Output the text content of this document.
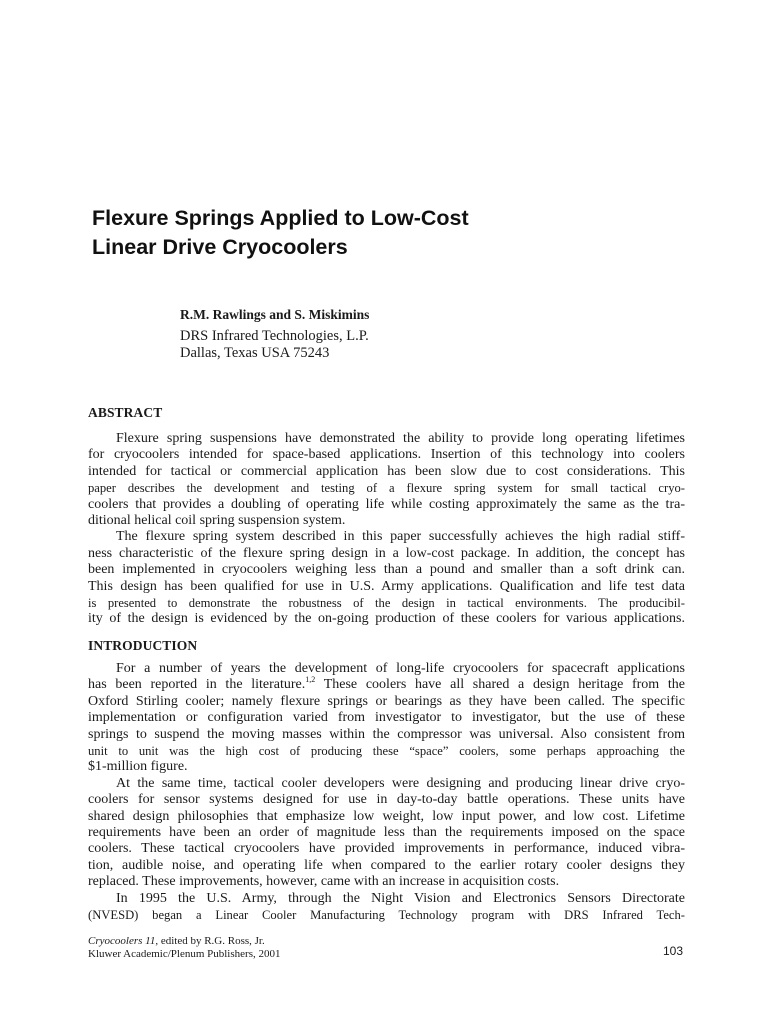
Flexure Springs Applied to Low-Cost
Linear Drive Cryocoolers
R.M. Rawlings and S. Miskimins
DRS Infrared Technologies, L.P.
Dallas, Texas USA 75243
ABSTRACT
Flexure spring suspensions have demonstrated the ability to provide long operating lifetimes
for cryocoolers intended for space-based applications. Insertion of this technology into coolers
intended for tactical or commercial application has been slow due to cost considerations. This
paper describes the development and testing of a flexure spring system for small tactical cryo-
coolers that provides a doubling of operating life while costing approximately the same as the tra-
ditional helical coil spring suspension system.
The flexure spring system described in this paper successfully achieves the high radial stiff-
ness characteristic of the flexure spring design in a low-cost package. In addition, the concept has
been implemented in cryocoolers weighing less than a pound and smaller than a soft drink can.
This design has been qualified for use in U.S. Army applications. Qualification and life test data
is presented to demonstrate the robustness of the design in tactical environments. The producibil-
ity of the design is evidenced by the on-going production of these coolers for various applications.
INTRODUCTION
For a number of years the development of long-life cryocoolers for spacecraft applications
has been reported in the literature.$^{1,2}$ These coolers have all shared a design heritage from the
Oxford Stirling cooler; namely flexure springs or bearings as they have been called. The specific
implementation or configuration varied from investigator to investigator, but the use of these
springs to suspend the moving masses within the compressor was universal. Also consistent from
unit to unit was the high cost of producing these “space” coolers, some perhaps approaching the
$1-million figure.
At the same time, tactical cooler developers were designing and producing linear drive cryo-
coolers for sensor systems designed for use in day-to-day battle operations. These units have
shared design philosophies that emphasize low weight, low input power, and low cost. Lifetime
requirements have been an order of magnitude less than the requirements imposed on the space
coolers. These tactical cryocoolers have provided improvements in performance, induced vibra-
tion, audible noise, and operating life when compared to the earlier rotary cooler designs they
replaced. These improvements, however, came with an increase in acquisition costs.
In 1995 the U.S. Army, through the Night Vision and Electronics Sensors Directorate
(NVESD) began a Linear Cooler Manufacturing Technology program with DRS Infrared Tech-
Cryocoolers 11, edited by R.G. Ross, Jr.
Kluwer Academic/Plenum Publishers, 2001	103
